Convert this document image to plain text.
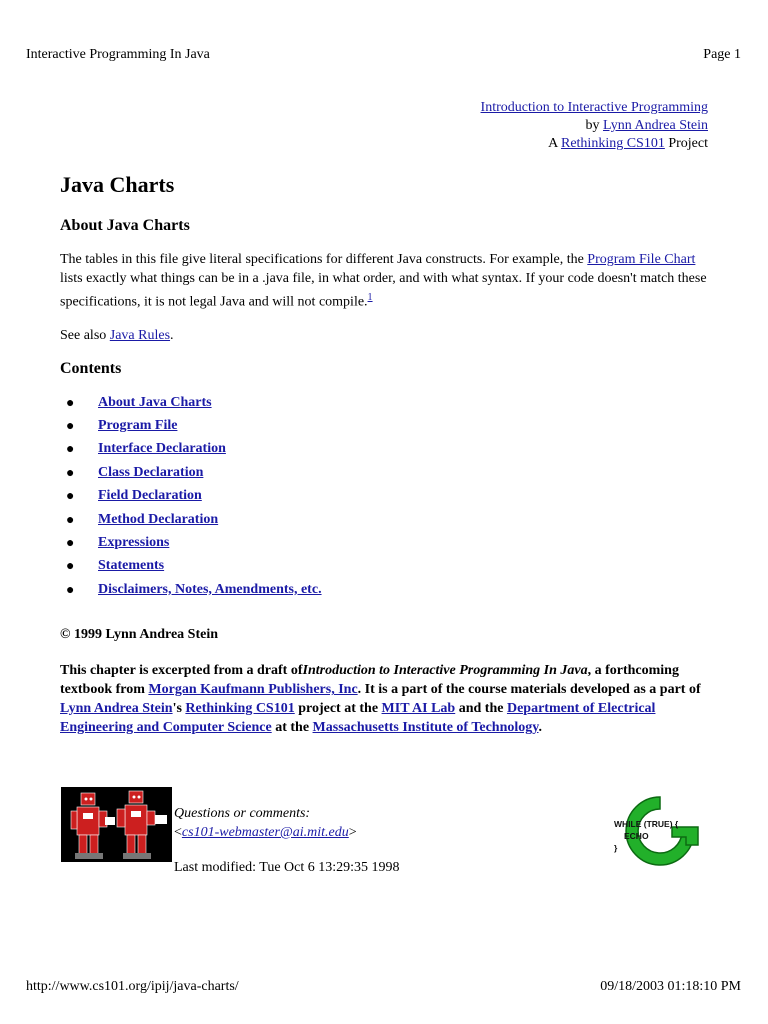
Interactive Programming In Java	Page 1
Introduction to Interactive Programming
by Lynn Andrea Stein
A Rethinking CS101 Project
Java Charts
About Java Charts

The tables in this file give literal specifications for different Java constructs. For example, the Program File Chart lists exactly what things can be in a .java file, in what order, and with what syntax. If your code doesn't match these specifications, it is not legal Java and will not compile.$^1$

See also Java Rules.

Contents
● About Java Charts
● Program File
● Interface Declaration
● Class Declaration
● Field Declaration
● Method Declaration
● Expressions
● Statements
● Disclaimers, Notes, Amendments, etc.
© 1999 Lynn Andrea Stein
This chapter is excerpted from a draft ofIntroduction to Interactive Programming In Java, a forthcoming textbook from Morgan Kaufmann Publishers, Inc. It is a part of the course materials developed as a part of Lynn Andrea Stein's Rethinking CS101 project at the MIT AI Lab and the Department of Electrical Engineering and Computer Science at the Massachusetts Institute of Technology.
Questions or comments:
<cs101-webmaster@ai.mit.edu>
Last modified: Tue Oct 6 13:29:35 1998
WHILE (TRUE) {
ECHO
}
http://www.cs101.org/ipij/java-charts/	09/18/2003 01:18:10 PM
